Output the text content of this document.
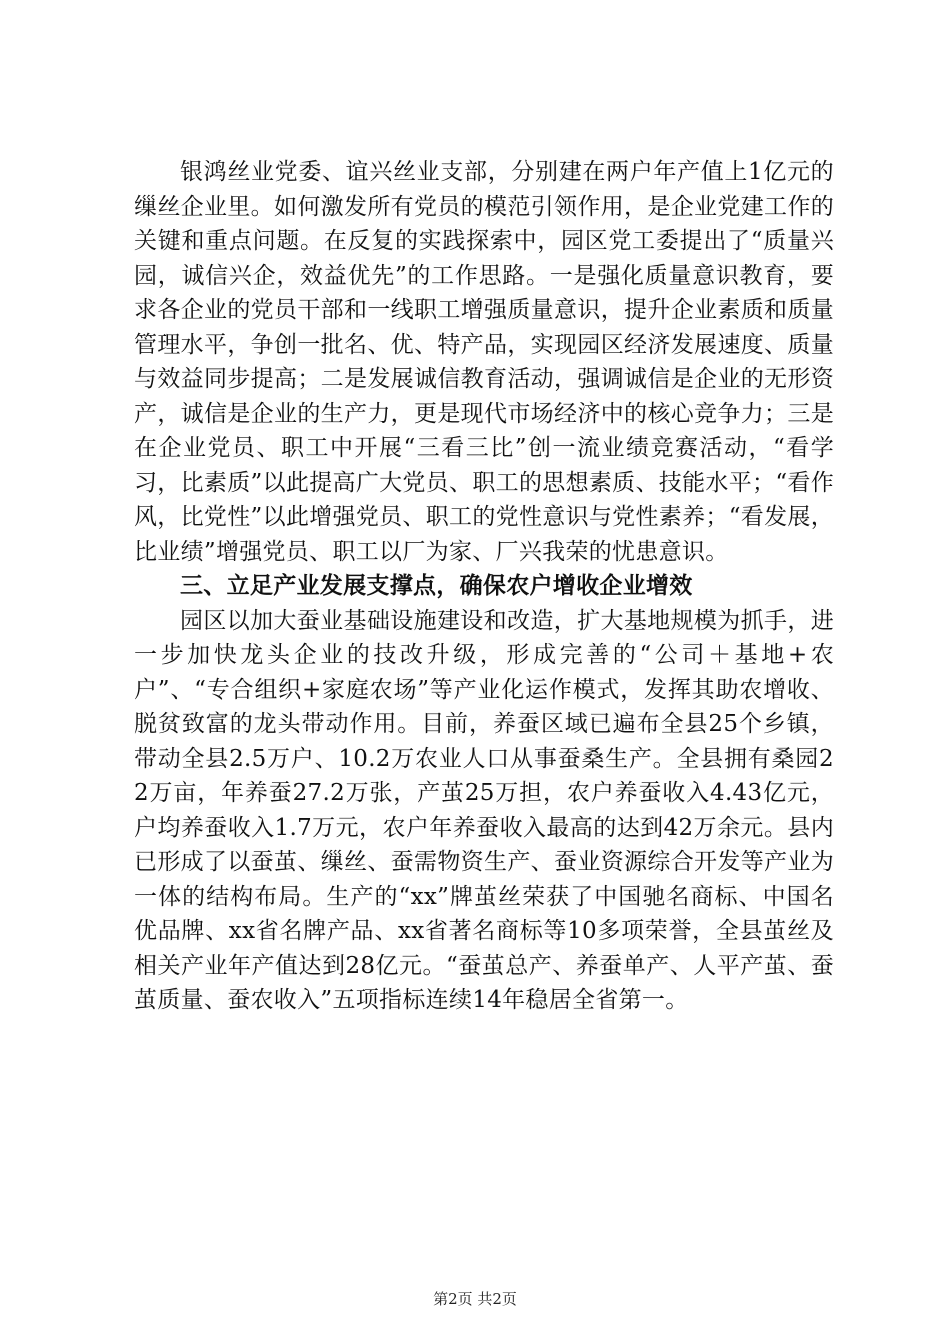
银鸿丝业党委、谊兴丝业支部，分别建在两户年产值上1亿元的缫丝企业里。如何激发所有党员的模范引领作用，是企业党建工作的关键和重点问题。在反复的实践探索中，园区党工委提出了“质量兴园，诚信兴企，效益优先”的工作思路。一是强化质量意识教育，要求各企业的党员干部和一线职工增强质量意识，提升企业素质和质量管理水平，争创一批名、优、特产品，实现园区经济发展速度、质量与效益同步提高；二是发展诚信教育活动，强调诚信是企业的无形资产，诚信是企业的生产力，更是现代市场经济中的核心竞争力；三是在企业党员、职工中开展“三看三比”创一流业绩竞赛活动，“看学习，比素质”以此提高广大党员、职工的思想素质、技能水平；“看作风，比党性”以此增强党员、职工的党性意识与党性素养；“看发展，比业绩”增强党员、职工以厂为家、厂兴我荣的忧患意识。

三、立足产业发展支撑点，确保农户增收企业增效

园区以加大蚕业基础设施建设和改造，扩大基地规模为抓手，进一步加快龙头企业的技改升级，形成完善的“公司＋基地+农户”、“专合组织+家庭农场”等产业化运作模式，发挥其助农增收、脱贫致富的龙头带动作用。目前，养蚕区域已遍布全县25个乡镇，带动全县2.5万户、10.2万农业人口从事蚕桑生产。全县拥有桑园22万亩，年养蚕27.2万张，产茧25万担，农户养蚕收入4.43亿元，户均养蚕收入1.7万元，农户年养蚕收入最高的达到42万余元。县内已形成了以蚕茧、缫丝、蚕需物资生产、蚕业资源综合开发等产业为一体的结构布局。生产的“xx”牌茧丝荣获了中国驰名商标、中国名优品牌、xx省名牌产品、xx省著名商标等10多项荣誉，全县茧丝及相关产业年产值达到28亿元。“蚕茧总产、养蚕单产、人平产茧、蚕茧质量、蚕农收入”五项指标连续14年稳居全省第一。

第2页 共2页
